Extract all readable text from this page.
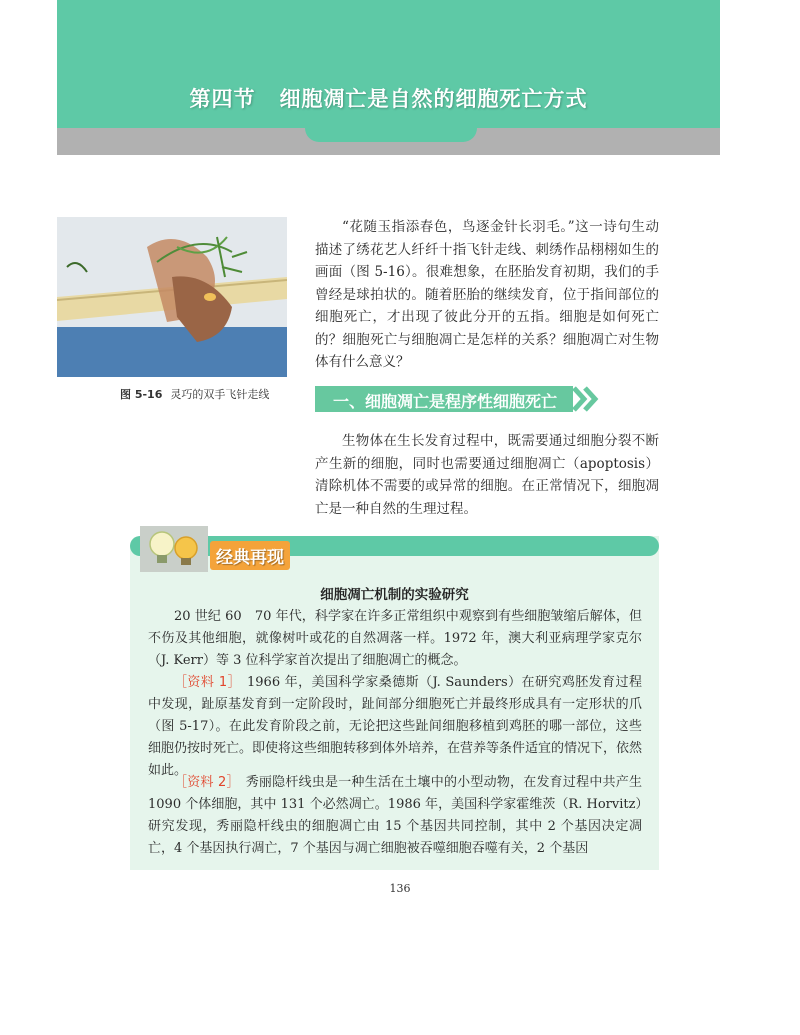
第四节 细胞凋亡是自然的细胞死亡方式
图 5-16 灵巧的双手飞针走线
“花随玉指添春色，鸟逐金针长羽毛。”这一诗句生动描述了绣花艺人纤纤十指飞针走线、刺绣作品栩栩如生的画面（图 5-16）。很难想象，在胚胎发育初期，我们的手曾经是球拍状的。随着胚胎的继续发育，位于指间部位的细胞死亡，才出现了彼此分开的五指。细胞是如何死亡的？细胞死亡与细胞凋亡是怎样的关系？细胞凋亡对生物体有什么意义？
一、细胞凋亡是程序性细胞死亡
生物体在生长发育过程中，既需要通过细胞分裂不断产生新的细胞，同时也需要通过细胞凋亡（apoptosis）清除机体不需要的或异常的细胞。在正常情况下，细胞凋亡是一种自然的生理过程。
经典再现
细胞凋亡机制的实验研究
20 世纪 60　70 年代，科学家在许多正常组织中观察到有些细胞皱缩后解体，但不伤及其他细胞，就像树叶或花的自然凋落一样。1972 年，澳大利亚病理学家克尔（J. Kerr）等 3 位科学家首次提出了细胞凋亡的概念。
［资料 1］ 1966 年，美国科学家桑德斯（J. Saunders）在研究鸡胚发育过程中发现，趾原基发育到一定阶段时，趾间部分细胞死亡并最终形成具有一定形状的爪（图 5-17）。在此发育阶段之前，无论把这些趾间细胞移植到鸡胚的哪一部位，这些细胞仍按时死亡。即使将这些细胞转移到体外培养，在营养等条件适宜的情况下，依然如此。
［资料 2］ 秀丽隐杆线虫是一种生活在土壤中的小型动物，在发育过程中共产生 1090 个体细胞，其中 131 个必然凋亡。1986 年，美国科学家霍维茨（R. Horvitz）研究发现，秀丽隐杆线虫的细胞凋亡由 15 个基因共同控制，其中 2 个基因决定凋亡，4 个基因执行凋亡，7 个基因与凋亡细胞被吞噬细胞吞噬有关，2 个基因
136
